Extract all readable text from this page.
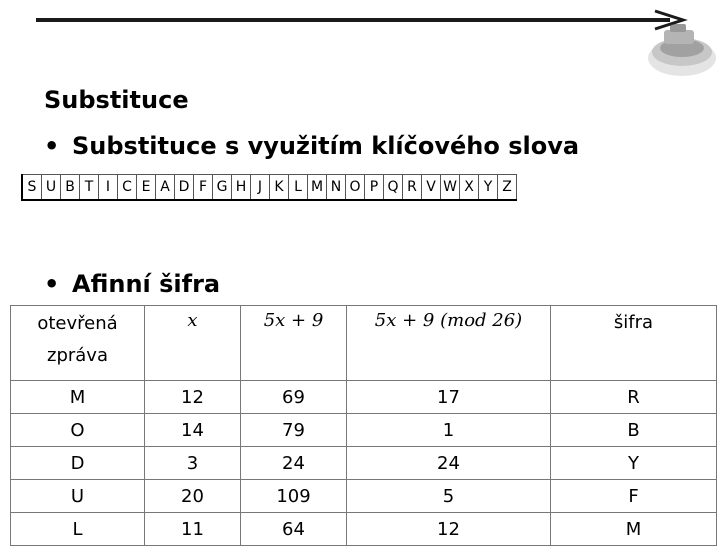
Substituce
• Substituce s využitím klíčového slova
S	U	B	T	I	C	E	A	D	F	G	H	J	K	L	M	N	O	P	Q	R	V	W	X	Y	Z
• Afinní šifra
otevřená zpráva	x	5x + 9	5x + 9 (mod 26)	šifra
M	12	69	17	R
O	14	79	1	B
D	3	24	24	Y
U	20	109	5	F
L	11	64	12	M
